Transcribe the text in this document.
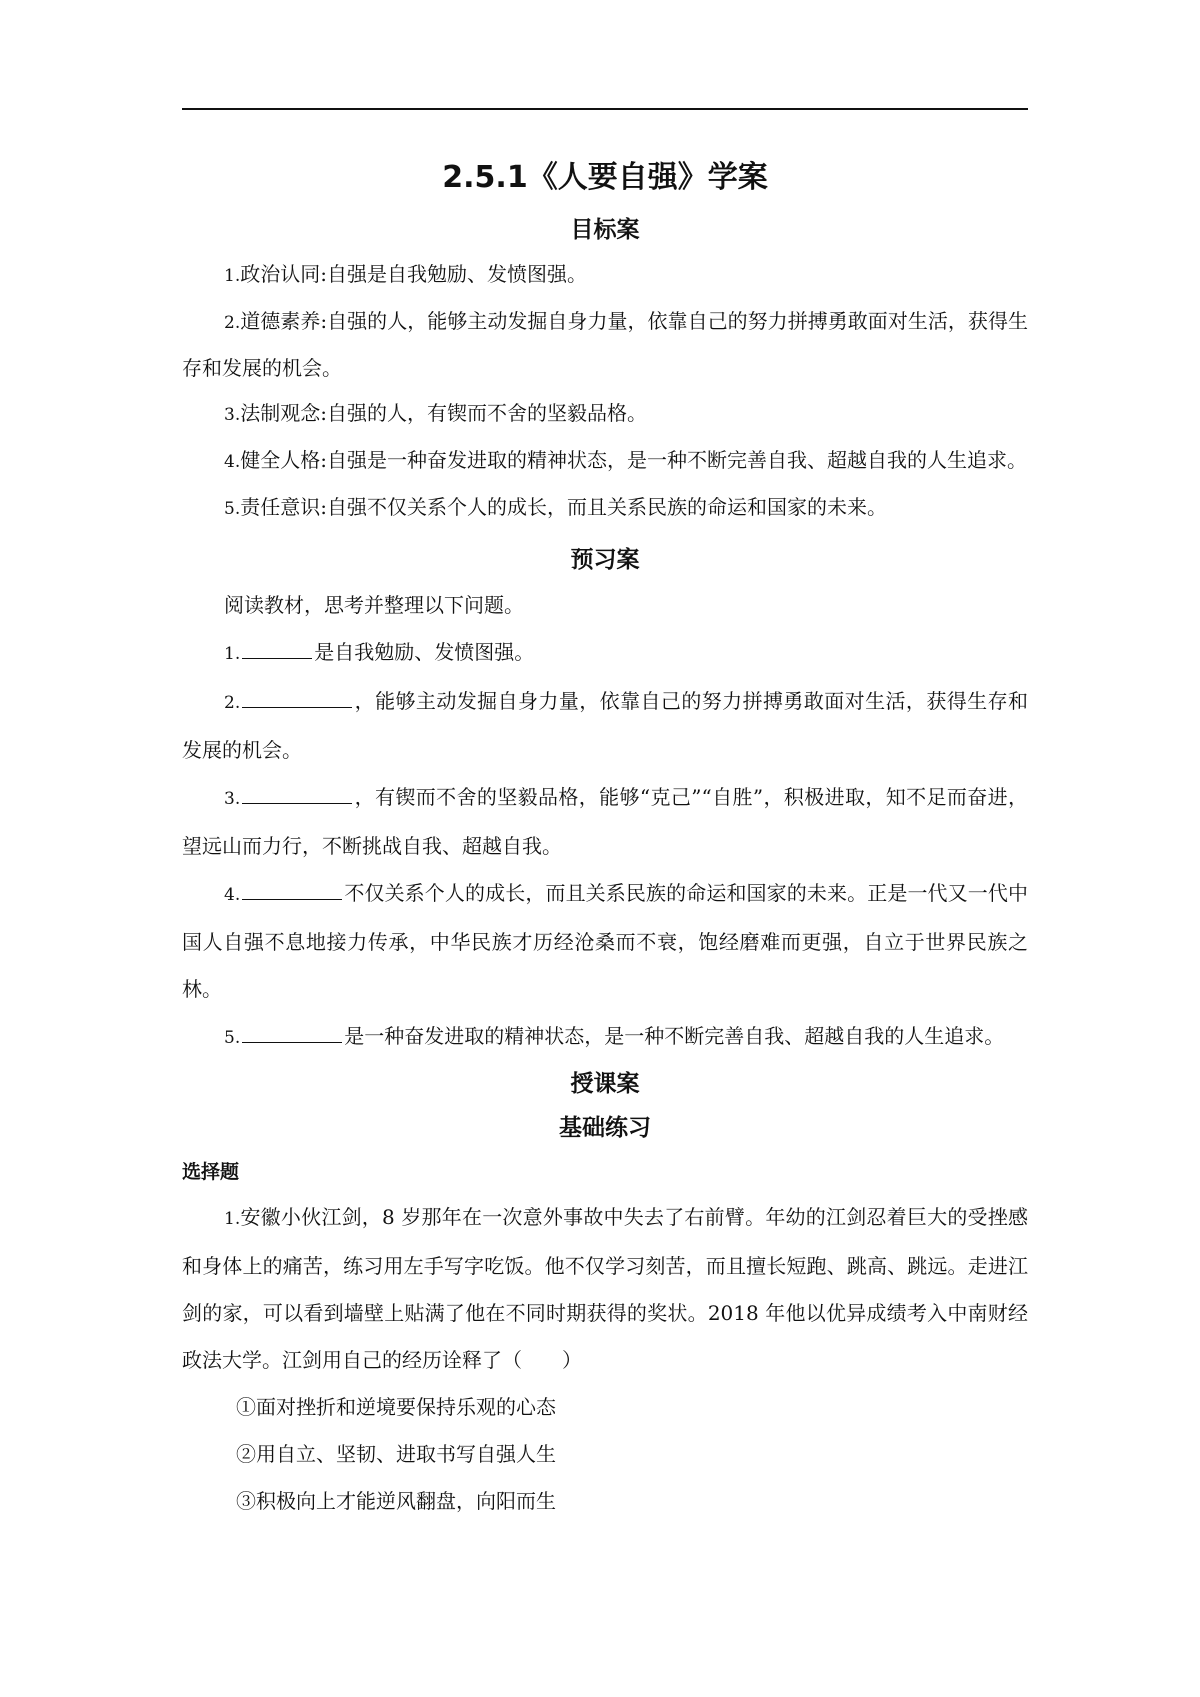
2.5.1《人要自强》学案
目标案

1.政治认同:自强是自我勉励、发愤图强。

2.道德素养:自强的人，能够主动发掘自身力量，依靠自己的努力拼搏勇敢面对生活，获得生存和发展的机会。

3.法制观念:自强的人，有锲而不舍的坚毅品格。

4.健全人格:自强是一种奋发进取的精神状态，是一种不断完善自我、超越自我的人生追求。

5.责任意识:自强不仅关系个人的成长，而且关系民族的命运和国家的未来。

预习案

阅读教材，思考并整理以下问题。

1.	是自我勉励、发愤图强。

2.	，能够主动发掘自身力量，依靠自己的努力拼搏勇敢面对生活，获得生存和发展的机会。

3.	，有锲而不舍的坚毅品格，能够“克己”“自胜”，积极进取，知不足而奋进，望远山而力行，不断挑战自我、超越自我。

4.	不仅关系个人的成长，而且关系民族的命运和国家的未来。正是一代又一代中国人自强不息地接力传承，中华民族才历经沧桑而不衰，饱经磨难而更强，自立于世界民族之林。

5.	是一种奋发进取的精神状态，是一种不断完善自我、超越自我的人生追求。

授课案
基础练习
选择题

1.安徽小伙江剑，8 岁那年在一次意外事故中失去了右前臂。年幼的江剑忍着巨大的受挫感和身体上的痛苦，练习用左手写字吃饭。他不仅学习刻苦，而且擅长短跑、跳高、跳远。走进江剑的家，可以看到墙壁上贴满了他在不同时期获得的奖状。2018 年他以优异成绩考入中南财经政法大学。江剑用自己的经历诠释了（　　）

①面对挫折和逆境要保持乐观的心态

②用自立、坚韧、进取书写自强人生

③积极向上才能逆风翻盘，向阳而生
